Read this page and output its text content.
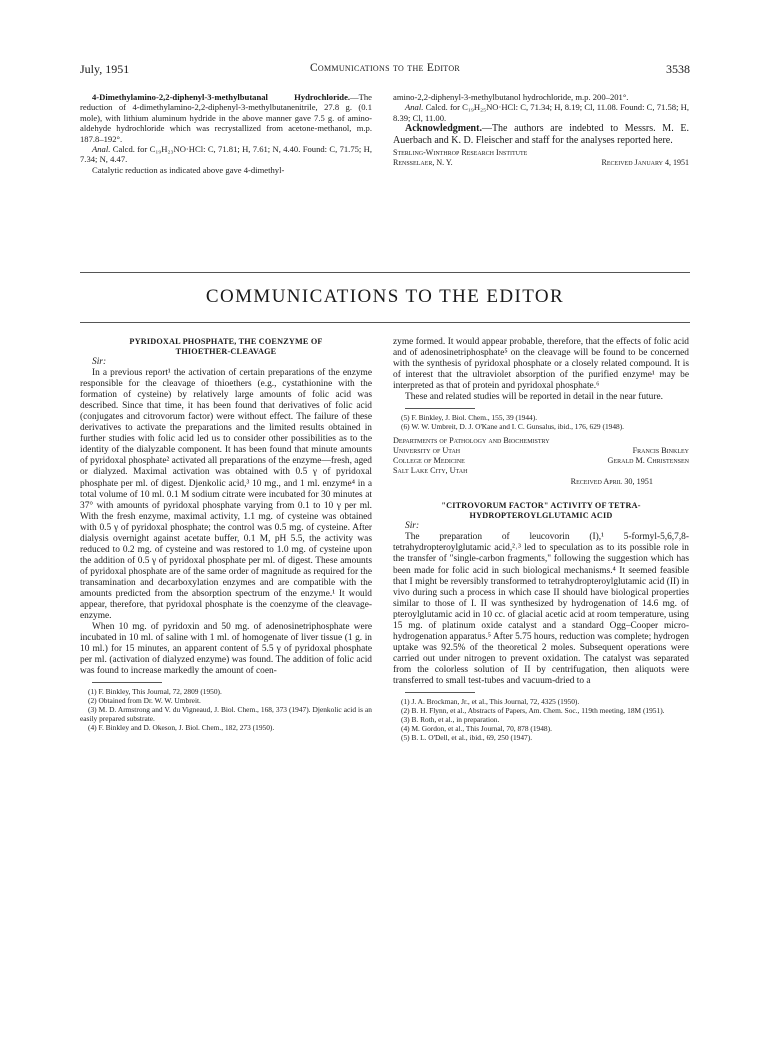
July, 1951	Communications to the Editor	3538

4-Dimethylamino-2,2-diphenyl-3-methylbutanal Hydrochloride.—The reduction of 4-dimethylamino-2,2-diphenyl-3-methylbutanenitrile, 27.8 g. (0.1 mole), with lithium aluminum hydride in the above manner gave 7.5 g. of amino-aldehyde hydrochloride which was recrystallized from acetone-methanol, m.p. 187.8–192°.

Anal. Calcd. for C₁₉H₂₃NO·HCl: C, 71.81; H, 7.61; N, 4.40. Found: C, 71.75; H, 7.34; N, 4.47.

Catalytic reduction as indicated above gave 4-dimethyl-

amino-2,2-diphenyl-3-methylbutanol hydrochloride, m.p. 200–201°.

Anal. Calcd. for C₁₉H₂₅NO·HCl: C, 71.34; H, 8.19; Cl, 11.08. Found: C, 71.58; H, 8.39; Cl, 11.00.

Acknowledgment.—The authors are indebted to Messrs. M. E. Auerbach and K. D. Fleischer and staff for the analyses reported here.

Sterling-Winthrop Research Institute
Rensselaer, N. Y.	Received January 4, 1951
COMMUNICATIONS TO THE EDITOR
PYRIDOXAL PHOSPHATE, THE COENZYME OF
THIOETHER-CLEAVAGE

Sir:

In a previous report¹ the activation of certain preparations of the enzyme responsible for the cleavage of thioethers (e.g., cystathionine with the formation of cysteine) by relatively large amounts of folic acid was described. Since that time, it has been found that derivatives of folic acid (conjugates and citrovorum factor) were without effect. The failure of these derivatives to activate the preparations and the limited results obtained in further studies with folic acid led us to consider other possibilities as to the identity of the dialyzable component. It has been found that minute amounts of pyridoxal phosphate² activated all preparations of the enzyme—fresh, aged or dialyzed. Maximal activation was obtained with 0.5 γ of pyridoxal phosphate per ml. of digest. Djenkolic acid,³ 10 mg., and 1 ml. enzyme⁴ in a total volume of 10 ml. 0.1 M sodium citrate were incubated for 30 minutes at 37° with amounts of pyridoxal phosphate varying from 0.1 to 10 γ per ml. With the fresh enzyme, maximal activity, 1.1 mg. of cysteine was obtained with 0.5 γ of pyridoxal phosphate; the control was 0.5 mg. of cysteine. After dialysis overnight against acetate buffer, 0.1 M, pH 5.5, the activity was reduced to 0.2 mg. of cysteine and was restored to 1.0 mg. of cysteine upon the addition of 0.5 γ of pyridoxal phosphate per ml. of digest. These amounts of pyridoxal phosphate are of the same order of magnitude as required for the transamination and decarboxylation enzymes and are compatible with the amounts predicted from the absorption spectrum of the enzyme.¹ It would appear, therefore, that pyridoxal phosphate is the coenzyme of the cleavage-enzyme.

When 10 mg. of pyridoxin and 50 mg. of adenosinetriphosphate were incubated in 10 ml. of saline with 1 ml. of homogenate of liver tissue (1 g. in 10 ml.) for 15 minutes, an apparent content of 5.5 γ of pyridoxal phosphate per ml. (activation of dialyzed enzyme) was found. The addition of folic acid was found to increase markedly the amount of coen-

(1) F. Binkley, This Journal, 72, 2809 (1950).

(2) Obtained from Dr. W. W. Umbreit.

(3) M. D. Armstrong and V. du Vigneaud, J. Biol. Chem., 168, 373 (1947). Djenkolic acid is an easily prepared substrate.

(4) F. Binkley and D. Okeson, J. Biol. Chem., 182, 273 (1950).

zyme formed. It would appear probable, therefore, that the effects of folic acid and of adenosinetriphosphate⁵ on the cleavage will be found to be concerned with the synthesis of pyridoxal phosphate or a closely related compound. It is of interest that the ultraviolet absorption of the purified enzyme¹ may be interpreted as that of protein and pyridoxal phosphate.⁶

These and related studies will be reported in detail in the near future.

(5) F. Binkley, J. Biol. Chem., 155, 39 (1944).

(6) W. W. Umbreit, D. J. O'Kane and I. C. Gunsalus, ibid., 176, 629 (1948).

Departments of Pathology and Biochemistry
University of Utah	Francis Binkley
College of Medicine	Gerald M. Christensen
Salt Lake City, Utah

Received April 30, 1951

"CITROVORUM FACTOR" ACTIVITY OF TETRA-
HYDROPTEROYLGLUTAMIC ACID

Sir:

The preparation of leucovorin (I),¹ 5-formyl-5,6,7,8-tetrahydropteroylglutamic acid,²˒³ led to speculation as to its possible role in the transfer of "single-carbon fragments," following the suggestion which has been made for folic acid in such biological mechanisms.⁴ It seemed feasible that I might be reversibly transformed to tetrahydropteroylglutamic acid (II) in vivo during such a process in which case II should have biological properties similar to those of I. II was synthesized by hydrogenation of 14.6 mg. of pteroylglutamic acid in 10 cc. of glacial acetic acid at room temperature, using 15 mg. of platinum oxide catalyst and a standard Ogg–Cooper micro-hydrogenation apparatus.⁵ After 5.75 hours, reduction was complete; hydrogen uptake was 92.5% of the theoretical 2 moles. Subsequent operations were carried out under nitrogen to prevent oxidation. The catalyst was separated from the colorless solution of II by centrifugation, then aliquots were transferred to small test-tubes and vacuum-dried to a

(1) J. A. Brockman, Jr., et al., This Journal, 72, 4325 (1950).

(2) B. H. Flynn, et al., Abstracts of Papers, Am. Chem. Soc., 119th meeting, 18M (1951).

(3) B. Roth, et al., in preparation.

(4) M. Gordon, et al., This Journal, 70, 878 (1948).

(5) B. L. O'Dell, et al., ibid., 69, 250 (1947).
